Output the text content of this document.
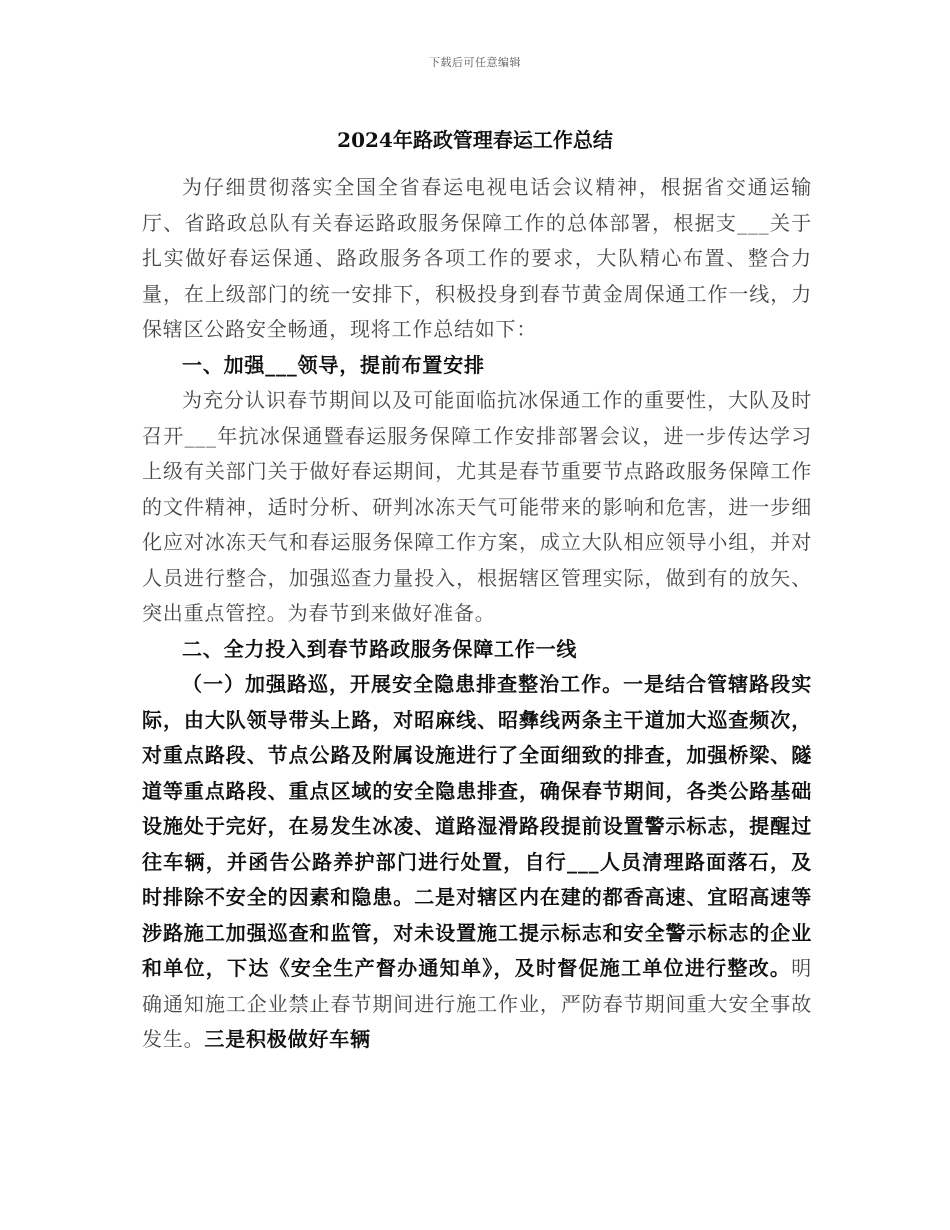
下载后可任意编辑
2024年路政管理春运工作总结

为仔细贯彻落实全国全省春运电视电话会议精神，根据省交通运输厅、省路政总队有关春运路政服务保障工作的总体部署，根据支___关于扎实做好春运保通、路政服务各项工作的要求，大队精心布置、整合力量，在上级部门的统一安排下，积极投身到春节黄金周保通工作一线，力保辖区公路安全畅通，现将工作总结如下：

一、加强___领导，提前布置安排

为充分认识春节期间以及可能面临抗冰保通工作的重要性，大队及时召开___年抗冰保通暨春运服务保障工作安排部署会议，进一步传达学习上级有关部门关于做好春运期间，尤其是春节重要节点路政服务保障工作的文件精神，适时分析、研判冰冻天气可能带来的影响和危害，进一步细化应对冰冻天气和春运服务保障工作方案，成立大队相应领导小组，并对人员进行整合，加强巡查力量投入，根据辖区管理实际，做到有的放矢、突出重点管控。为春节到来做好准备。

二、全力投入到春节路政服务保障工作一线

（一）加强路巡，开展安全隐患排查整治工作。一是结合管辖路段实际，由大队领导带头上路，对昭麻线、昭彝线两条主干道加大巡查频次，对重点路段、节点公路及附属设施进行了全面细致的排查，加强桥梁、隧道等重点路段、重点区域的安全隐患排查，确保春节期间，各类公路基础设施处于完好，在易发生冰凌、道路湿滑路段提前设置警示标志，提醒过往车辆，并函告公路养护部门进行处置，自行___人员清理路面落石，及时排除不安全的因素和隐患。二是对辖区内在建的都香高速、宜昭高速等涉路施工加强巡查和监管，对未设置施工提示标志和安全警示标志的企业和单位，下达《安全生产督办通知单》，及时督促施工单位进行整改。明确通知施工企业禁止春节期间进行施工作业，严防春节期间重大安全事故发生。三是积极做好车辆
